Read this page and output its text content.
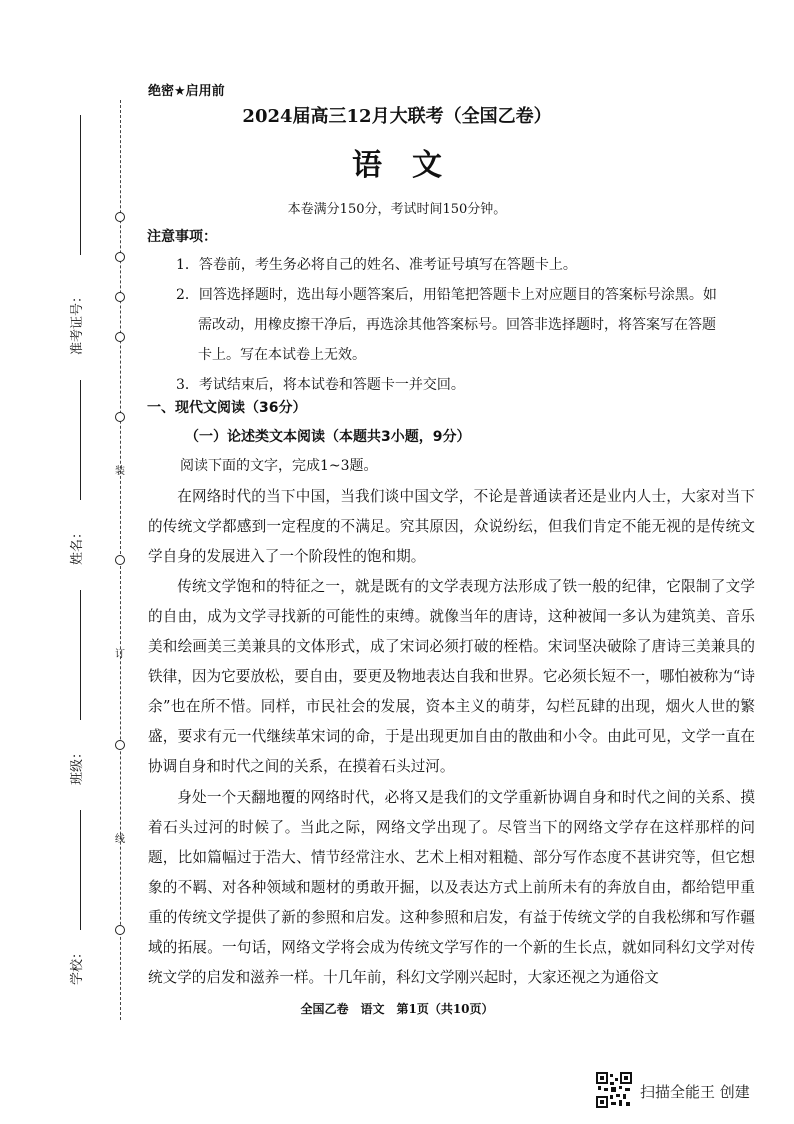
装
订
线
准考证号：
姓名：
班级：
学校：
绝密★启用前
2024届高三12月大联考（全国乙卷）
语文
本卷满分150分，考试时间150分钟。
注意事项：
1．答卷前，考生务必将自己的姓名、准考证号填写在答题卡上。
2．回答选择题时，选出每小题答案后，用铅笔把答题卡上对应题目的答案标号涂黑。如
需改动，用橡皮擦干净后，再选涂其他答案标号。回答非选择题时，将答案写在答题
卡上。写在本试卷上无效。
3．考试结束后，将本试卷和答题卡一并交回。
一、现代文阅读（36分）
（一）论述类文本阅读（本题共3小题，9分）
阅读下面的文字，完成1~3题。
在网络时代的当下中国，当我们谈中国文学，不论是普通读者还是业内人士，大家对当下的传统文学都感到一定程度的不满足。究其原因，众说纷纭，但我们肯定不能无视的是传统文学自身的发展进入了一个阶段性的饱和期。
传统文学饱和的特征之一，就是既有的文学表现方法形成了铁一般的纪律，它限制了文学的自由，成为文学寻找新的可能性的束缚。就像当年的唐诗，这种被闻一多认为建筑美、音乐美和绘画美三美兼具的文体形式，成了宋词必须打破的桎梏。宋词坚决破除了唐诗三美兼具的铁律，因为它要放松，要自由，要更及物地表达自我和世界。它必须长短不一，哪怕被称为“诗余”也在所不惜。同样，市民社会的发展，资本主义的萌芽，勾栏瓦肆的出现，烟火人世的繁盛，要求有元一代继续革宋词的命，于是出现更加自由的散曲和小令。由此可见，文学一直在协调自身和时代之间的关系，在摸着石头过河。
身处一个天翻地覆的网络时代，必将又是我们的文学重新协调自身和时代之间的关系、摸着石头过河的时候了。当此之际，网络文学出现了。尽管当下的网络文学存在这样那样的问题，比如篇幅过于浩大、情节经常注水、艺术上相对粗糙、部分写作态度不甚讲究等，但它想象的不羁、对各种领域和题材的勇敢开掘，以及表达方式上前所未有的奔放自由，都给铠甲重重的传统文学提供了新的参照和启发。这种参照和启发，有益于传统文学的自我松绑和写作疆域的拓展。一句话，网络文学将会成为传统文学写作的一个新的生长点，就如同科幻文学对传统文学的启发和滋养一样。十几年前，科幻文学刚兴起时，大家还视之为通俗文
全国乙卷　语文　第1页（共10页）
扫描全能王 创建
